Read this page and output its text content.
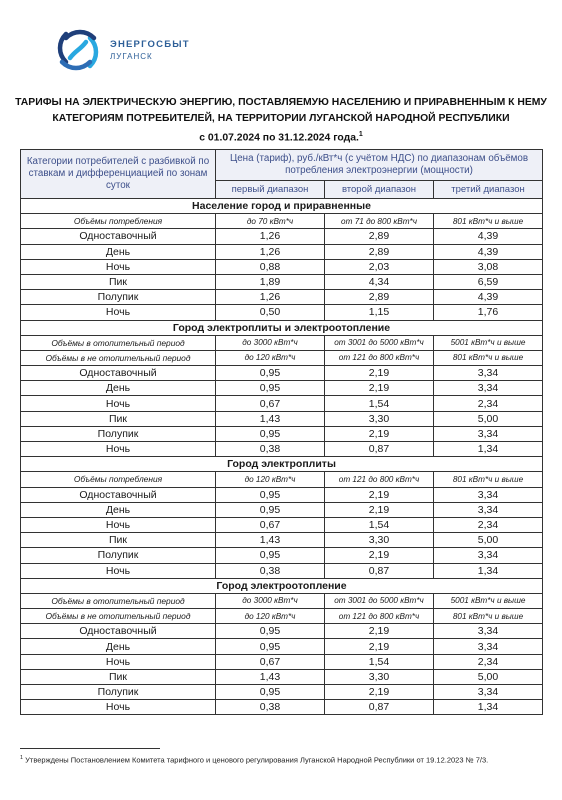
ЭНЕРГОСБЫТ
ЛУГАНСК
ТАРИФЫ НА ЭЛЕКТРИЧЕСКУЮ ЭНЕРГИЮ, ПОСТАВЛЯЕМУЮ НАСЕЛЕНИЮ И ПРИРАВНЕННЫМ К НЕМУ
КАТЕГОРИЯМ ПОТРЕБИТЕЛЕЙ, НА ТЕРРИТОРИИ ЛУГАНСКОЙ НАРОДНОЙ РЕСПУБЛИКИ
с 01.07.2024 по 31.12.2024 года.$^1$
Категории потребителей с разбивкой по ставкам и дифференциацией по зонам суток	Цена (тариф), руб./кВт*ч (с учётом НДС) по диапазонам объёмов потребления электроэнергии (мощности)		
	первый диапазон	второй диапазон	третий диапазон
Население город и приравненные			
Объёмы потребления	до 70 кВт*ч	от 71 до 800 кВт*ч	801 кВт*ч и выше
Одноставочный	1,26	2,89	4,39
День	1,26	2,89	4,39
Ночь	0,88	2,03	3,08
Пик	1,89	4,34	6,59
Полупик	1,26	2,89	4,39
Ночь	0,50	1,15	1,76
Город электроплиты и электроотопление			
Объёмы в отопительный период	до 3000 кВт*ч	от 3001 до 5000 кВт*ч	5001 кВт*ч и выше
Объёмы в не отопительный период	до 120 кВт*ч	от 121 до 800 кВт*ч	801 кВт*ч и выше
Одноставочный	0,95	2,19	3,34
День	0,95	2,19	3,34
Ночь	0,67	1,54	2,34
Пик	1,43	3,30	5,00
Полупик	0,95	2,19	3,34
Ночь	0,38	0,87	1,34
Город электроплиты			
Объёмы потребления	до 120 кВт*ч	от 121 до 800 кВт*ч	801 кВт*ч и выше
Одноставочный	0,95	2,19	3,34
День	0,95	2,19	3,34
Ночь	0,67	1,54	2,34
Пик	1,43	3,30	5,00
Полупик	0,95	2,19	3,34
Ночь	0,38	0,87	1,34
Город электроотопление			
Объёмы в отопительный период	до 3000 кВт*ч	от 3001 до 5000 кВт*ч	5001 кВт*ч и выше
Объёмы в не отопительный период	до 120 кВт*ч	от 121 до 800 кВт*ч	801 кВт*ч и выше
Одноставочный	0,95	2,19	3,34
День	0,95	2,19	3,34
Ночь	0,67	1,54	2,34
Пик	1,43	3,30	5,00
Полупик	0,95	2,19	3,34
Ночь	0,38	0,87	1,34
$^1$ Утверждены Постановлением Комитета тарифного и ценового регулирования Луганской Народной Республики от 19.12.2023 № 7/3.
